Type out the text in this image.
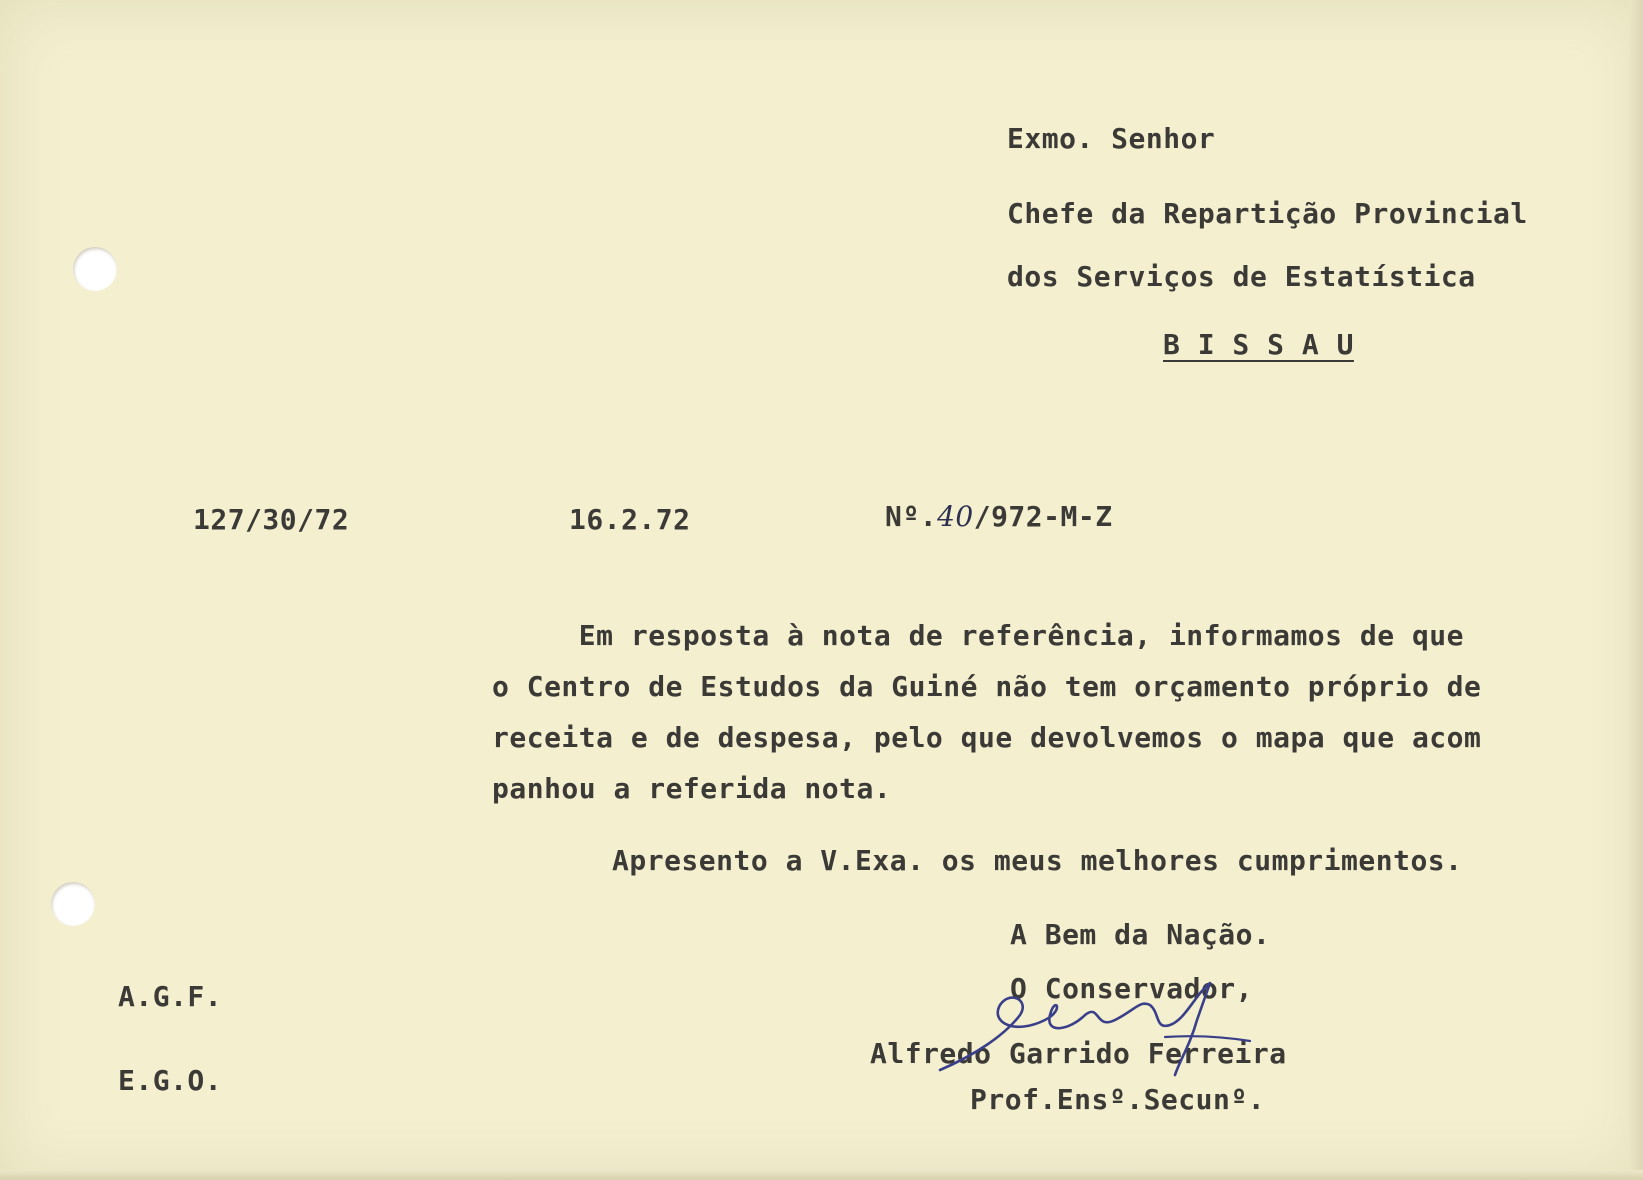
Exmo. Senhor
Chefe da Repartição Provincial
dos Serviços de Estatística
B I S S A U
127/30/72	16.2.72	Nº.40/972-M-Z
Em resposta à nota de referência, informamos de que
o Centro de Estudos da Guiné não tem orçamento próprio de
receita e de despesa, pelo que devolvemos o mapa que acom
panhou a referida nota.
Apresento a V.Exa. os meus melhores cumprimentos.
A Bem da Nação.
O Conservador,
Alfredo Garrido Ferreira
Prof.Ensº.Secunº.
A.G.F.
E.G.O.
